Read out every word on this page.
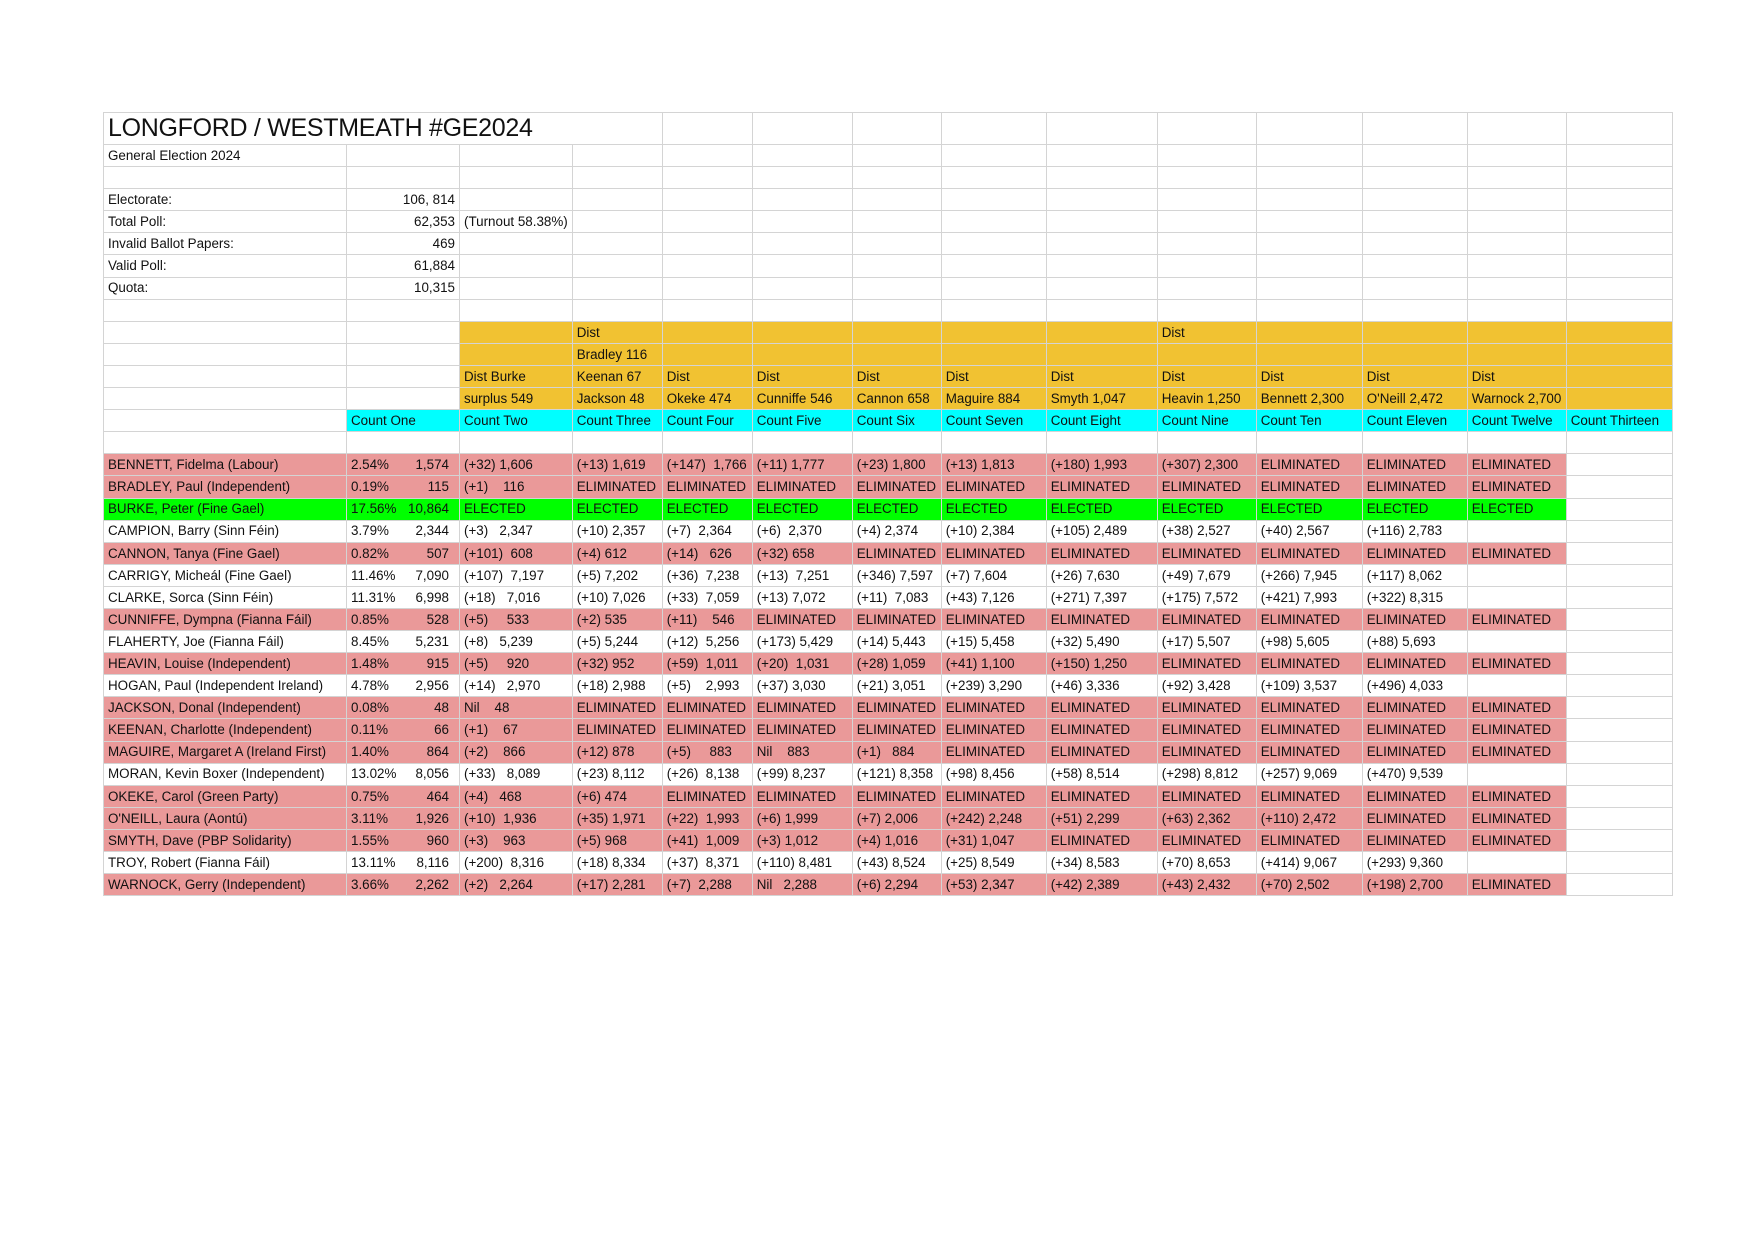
LONGFORD / WESTMEATH #GE2024													
General Election 2024													

Electorate:	106, 814												
Total Poll:	62,353	(Turnout 58.38%)											
Invalid Ballot Papers:	469												
Valid Poll:	61,884												
Quota:	10,315												

			Dist						Dist				
			Bradley 116										
		Dist Burke	Keenan 67	Dist	Dist	Dist	Dist	Dist	Dist	Dist	Dist	Dist	
		surplus 549	Jackson 48	Okeke 474	Cunniffe 546	Cannon 658	Maguire 884	Smyth 1,047	Heavin 1,250	Bennett 2,300	O'Neill 2,472	Warnock 2,700	
	Count One	Count Two	Count Three	Count Four	Count Five	Count Six	Count Seven	Count Eight	Count Nine	Count Ten	Count Eleven	Count Twelve	Count Thirteen

BENNETT, Fidelma (Labour)	2.54% 1,574	(+32) 1,606	(+13) 1,619	(+147)  1,766	(+11) 1,777	(+23) 1,800	(+13) 1,813	(+180) 1,993	(+307) 2,300	ELIMINATED	ELIMINATED	ELIMINATED	
BRADLEY, Paul (Independent)	0.19% 115	(+1)    116	ELIMINATED	ELIMINATED	ELIMINATED	ELIMINATED	ELIMINATED	ELIMINATED	ELIMINATED	ELIMINATED	ELIMINATED	ELIMINATED	
BURKE, Peter (Fine Gael)	17.56% 10,864	ELECTED	ELECTED	ELECTED	ELECTED	ELECTED	ELECTED	ELECTED	ELECTED	ELECTED	ELECTED	ELECTED	
CAMPION, Barry (Sinn Féin)	3.79% 2,344	(+3)   2,347	(+10) 2,357	(+7)  2,364	(+6)  2,370	(+4) 2,374	(+10) 2,384	(+105) 2,489	(+38) 2,527	(+40) 2,567	(+116) 2,783		
CANNON, Tanya (Fine Gael)	0.82% 507	(+101)  608	(+4) 612	(+14)   626	(+32) 658	ELIMINATED	ELIMINATED	ELIMINATED	ELIMINATED	ELIMINATED	ELIMINATED	ELIMINATED	
CARRIGY, Micheál (Fine Gael)	11.46% 7,090	(+107)  7,197	(+5) 7,202	(+36)  7,238	(+13)  7,251	(+346) 7,597	(+7) 7,604	(+26) 7,630	(+49) 7,679	(+266) 7,945	(+117) 8,062		
CLARKE, Sorca (Sinn Féin)	11.31% 6,998	(+18)   7,016	(+10) 7,026	(+33)  7,059	(+13) 7,072	(+11)  7,083	(+43) 7,126	(+271) 7,397	(+175) 7,572	(+421) 7,993	(+322) 8,315		
CUNNIFFE, Dympna (Fianna Fáil)	0.85% 528	(+5)     533	(+2) 535	(+11)    546	ELIMINATED	ELIMINATED	ELIMINATED	ELIMINATED	ELIMINATED	ELIMINATED	ELIMINATED	ELIMINATED	
FLAHERTY, Joe (Fianna Fáil)	8.45% 5,231	(+8)   5,239	(+5) 5,244	(+12)  5,256	(+173) 5,429	(+14) 5,443	(+15) 5,458	(+32) 5,490	(+17) 5,507	(+98) 5,605	(+88) 5,693		
HEAVIN, Louise (Independent)	1.48% 915	(+5)     920	(+32) 952	(+59)  1,011	(+20)  1,031	(+28) 1,059	(+41) 1,100	(+150) 1,250	ELIMINATED	ELIMINATED	ELIMINATED	ELIMINATED	
HOGAN, Paul (Independent Ireland)	4.78% 2,956	(+14)   2,970	(+18) 2,988	(+5)    2,993	(+37) 3,030	(+21) 3,051	(+239) 3,290	(+46) 3,336	(+92) 3,428	(+109) 3,537	(+496) 4,033		
JACKSON, Donal (Independent)	0.08% 48	Nil    48	ELIMINATED	ELIMINATED	ELIMINATED	ELIMINATED	ELIMINATED	ELIMINATED	ELIMINATED	ELIMINATED	ELIMINATED	ELIMINATED	
KEENAN, Charlotte (Independent)	0.11% 66	(+1)    67	ELIMINATED	ELIMINATED	ELIMINATED	ELIMINATED	ELIMINATED	ELIMINATED	ELIMINATED	ELIMINATED	ELIMINATED	ELIMINATED	
MAGUIRE, Margaret A (Ireland First)	1.40% 864	(+2)    866	(+12) 878	(+5)     883	Nil    883	(+1)   884	ELIMINATED	ELIMINATED	ELIMINATED	ELIMINATED	ELIMINATED	ELIMINATED	
MORAN, Kevin Boxer (Independent)	13.02% 8,056	(+33)   8,089	(+23) 8,112	(+26)  8,138	(+99) 8,237	(+121) 8,358	(+98) 8,456	(+58) 8,514	(+298) 8,812	(+257) 9,069	(+470) 9,539		
OKEKE, Carol (Green Party)	0.75% 464	(+4)   468	(+6) 474	ELIMINATED	ELIMINATED	ELIMINATED	ELIMINATED	ELIMINATED	ELIMINATED	ELIMINATED	ELIMINATED	ELIMINATED	
O'NEILL, Laura (Aontú)	3.11% 1,926	(+10)  1,936	(+35) 1,971	(+22)  1,993	(+6) 1,999	(+7) 2,006	(+242) 2,248	(+51) 2,299	(+63) 2,362	(+110) 2,472	ELIMINATED	ELIMINATED	
SMYTH, Dave (PBP Solidarity)	1.55% 960	(+3)    963	(+5) 968	(+41)  1,009	(+3) 1,012	(+4) 1,016	(+31) 1,047	ELIMINATED	ELIMINATED	ELIMINATED	ELIMINATED	ELIMINATED	
TROY, Robert (Fianna Fáil)	13.11% 8,116	(+200)  8,316	(+18) 8,334	(+37)  8,371	(+110) 8,481	(+43) 8,524	(+25) 8,549	(+34) 8,583	(+70) 8,653	(+414) 9,067	(+293) 9,360		
WARNOCK, Gerry (Independent)	3.66% 2,262	(+2)   2,264	(+17) 2,281	(+7)  2,288	Nil   2,288	(+6) 2,294	(+53) 2,347	(+42) 2,389	(+43) 2,432	(+70) 2,502	(+198) 2,700	ELIMINATED	
